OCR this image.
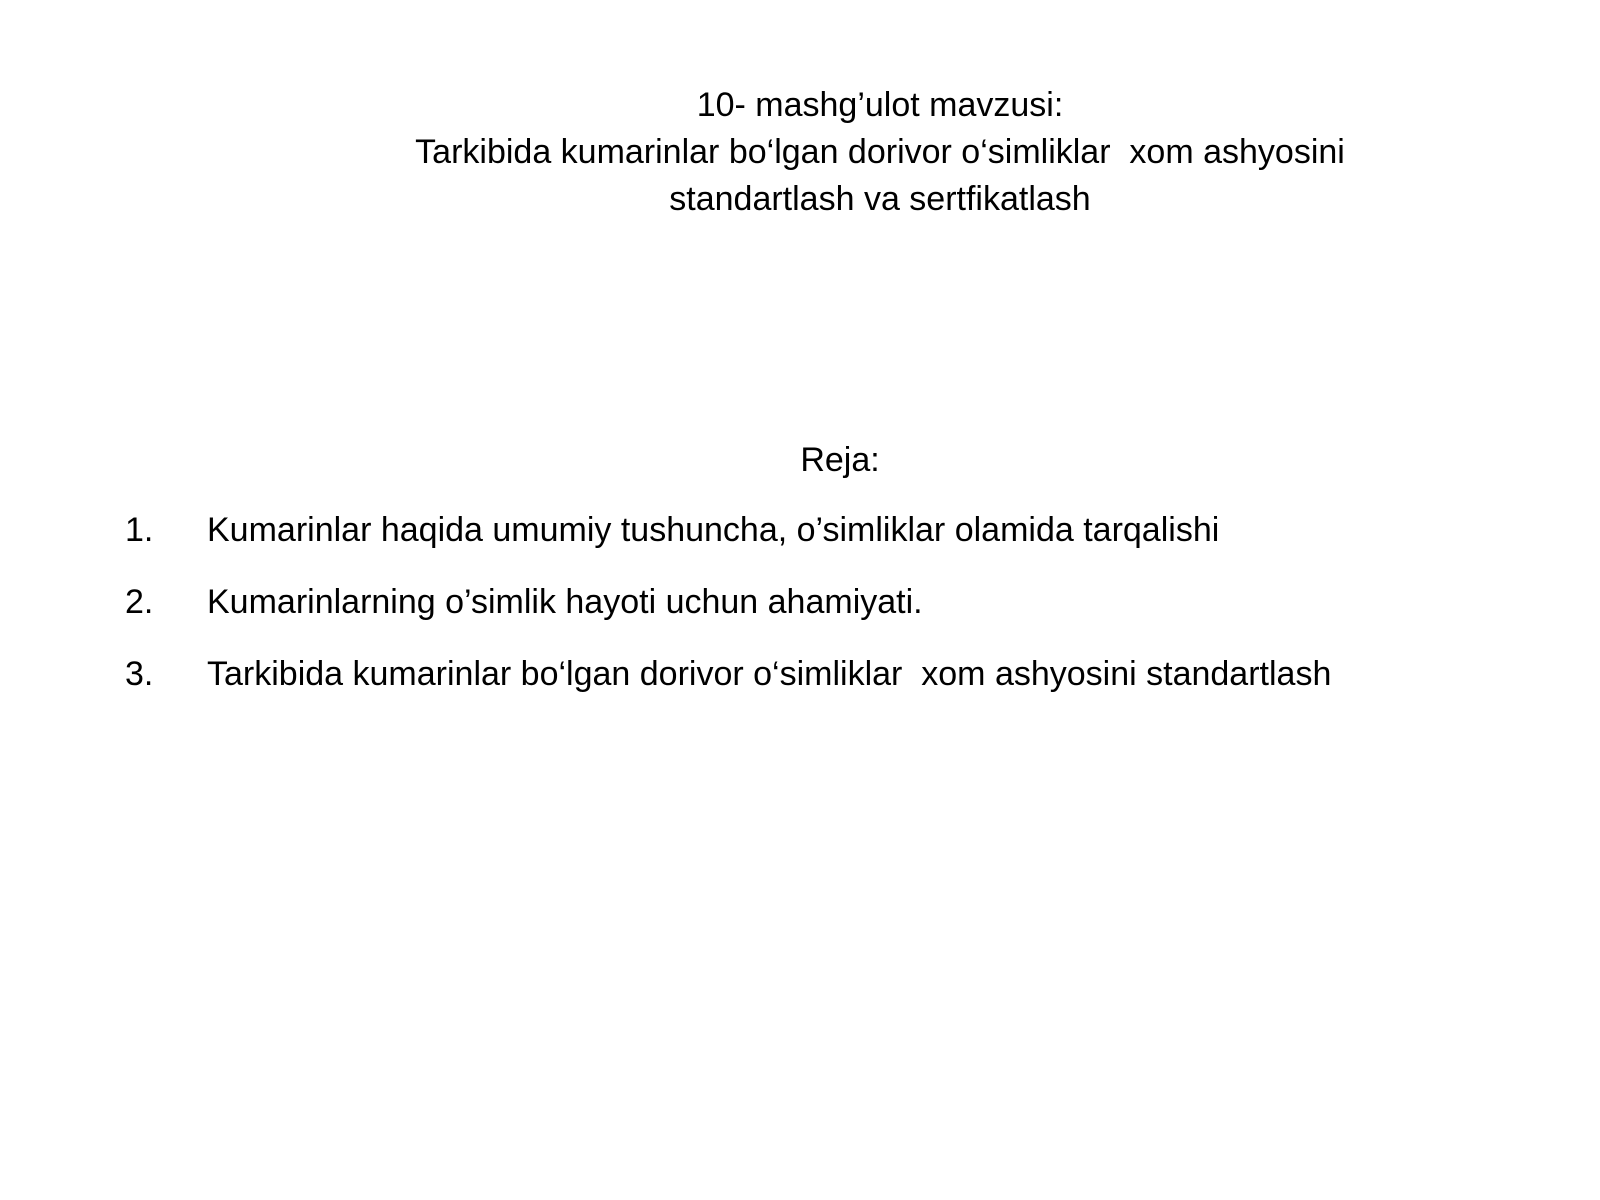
10- mashg’ulot mavzusi:
Tarkibida kumarinlar bo‘lgan dorivor o‘simliklar  xom ashyosini
standartlash va sertfikatlash
Reja:
1.	Kumarinlar haqida umumiy tushuncha, o’simliklar olamida tarqalishi
2.	Kumarinlarning o’simlik hayoti uchun ahamiyati.
3.	Tarkibida kumarinlar bo‘lgan dorivor o‘simliklar  xom ashyosini standartlash
